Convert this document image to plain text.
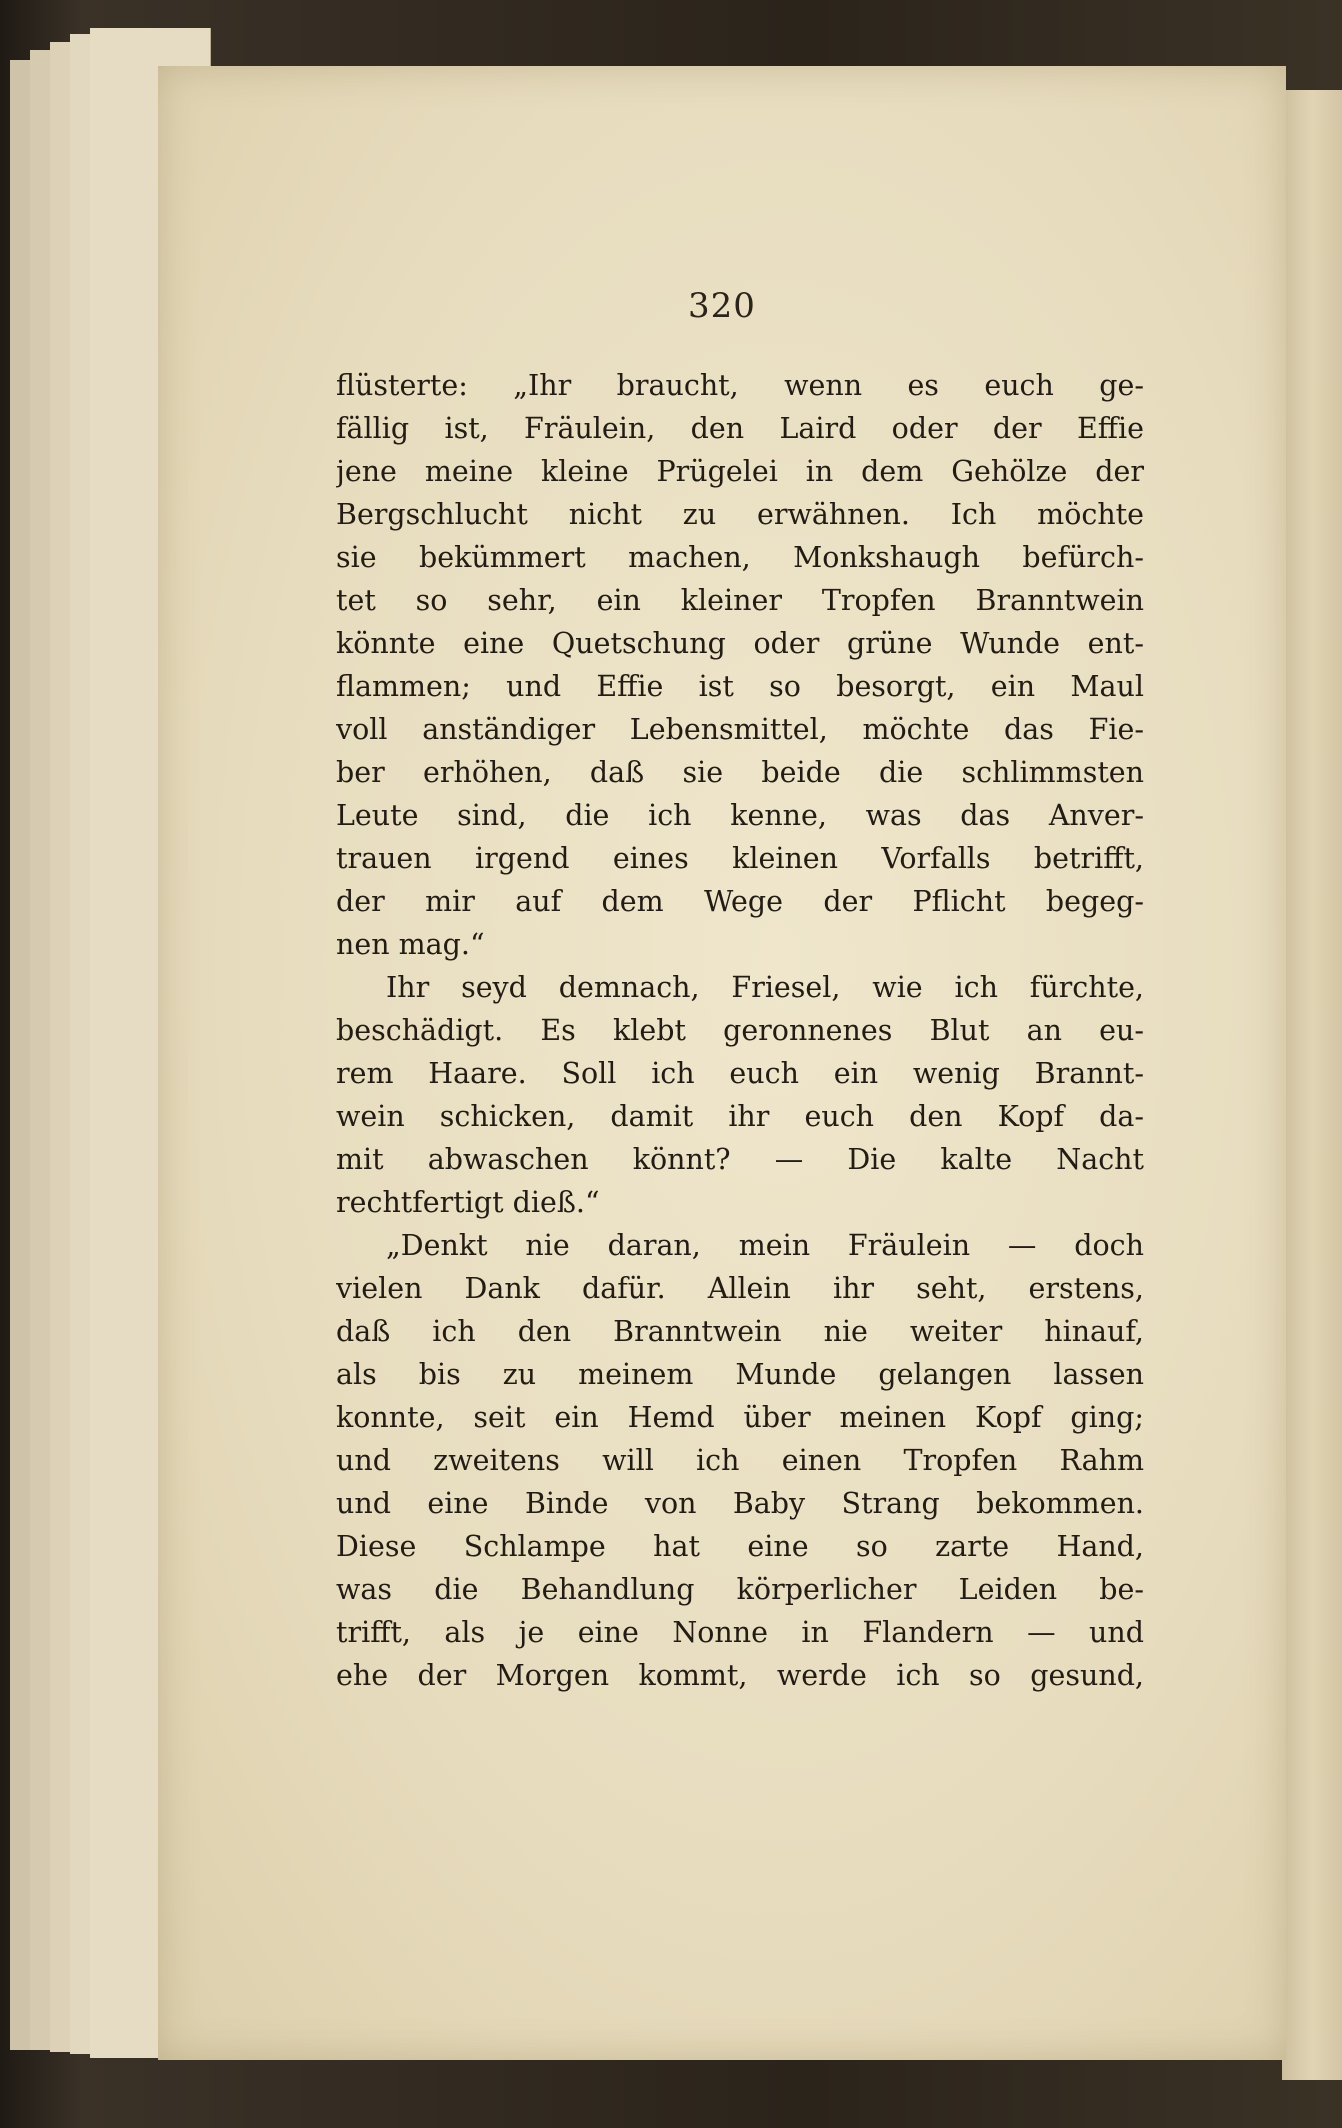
320
flüsterte: „Ihr braucht, wenn es euch ge-
fällig ist, Fräulein, den Laird oder der Effie
jene meine kleine Prügelei in dem Gehölze der
Bergschlucht nicht zu erwähnen. Ich möchte
sie bekümmert machen, Monkshaugh befürch-
tet so sehr, ein kleiner Tropfen Branntwein
könnte eine Quetschung oder grüne Wunde ent-
flammen; und Effie ist so besorgt, ein Maul
voll anständiger Lebensmittel, möchte das Fie-
ber erhöhen, daß sie beide die schlimmsten
Leute sind, die ich kenne, was das Anver-
trauen irgend eines kleinen Vorfalls betrifft,
der mir auf dem Wege der Pflicht begeg-
nen mag.“
Ihr seyd demnach, Friesel, wie ich fürchte,
beschädigt. Es klebt geronnenes Blut an eu-
rem Haare. Soll ich euch ein wenig Brannt-
wein schicken, damit ihr euch den Kopf da-
mit abwaschen könnt? — Die kalte Nacht
rechtfertigt dieß.“
„Denkt nie daran, mein Fräulein — doch
vielen Dank dafür. Allein ihr seht, erstens,
daß ich den Branntwein nie weiter hinauf,
als bis zu meinem Munde gelangen lassen
konnte, seit ein Hemd über meinen Kopf ging;
und zweitens will ich einen Tropfen Rahm
und eine Binde von Baby Strang bekommen.
Diese Schlampe hat eine so zarte Hand,
was die Behandlung körperlicher Leiden be-
trifft, als je eine Nonne in Flandern — und
ehe der Morgen kommt, werde ich so gesund,
